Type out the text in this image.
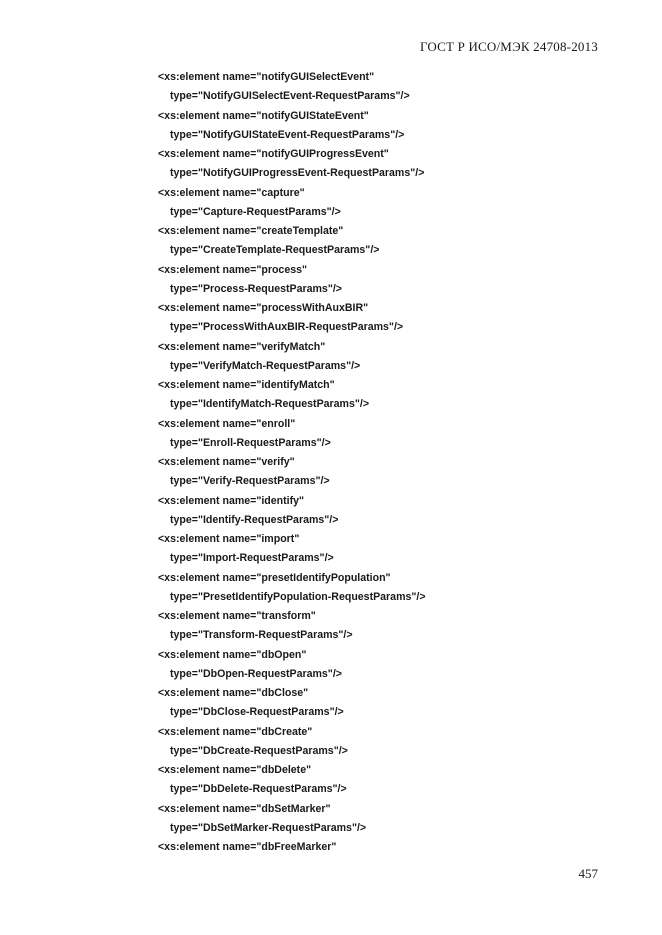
ГОСТ Р ИСО/МЭК 24708-2013
<xs:element name="notifyGUISelectEvent"
type="NotifyGUISelectEvent-RequestParams"/>
<xs:element name="notifyGUIStateEvent"
type="NotifyGUIStateEvent-RequestParams"/>
<xs:element name="notifyGUIProgressEvent"
type="NotifyGUIProgressEvent-RequestParams"/>
<xs:element name="capture"
type="Capture-RequestParams"/>
<xs:element name="createTemplate"
type="CreateTemplate-RequestParams"/>
<xs:element name="process"
type="Process-RequestParams"/>
<xs:element name="processWithAuxBIR"
type="ProcessWithAuxBIR-RequestParams"/>
<xs:element name="verifyMatch"
type="VerifyMatch-RequestParams"/>
<xs:element name="identifyMatch"
type="IdentifyMatch-RequestParams"/>
<xs:element name="enroll"
type="Enroll-RequestParams"/>
<xs:element name="verify"
type="Verify-RequestParams"/>
<xs:element name="identify"
type="Identify-RequestParams"/>
<xs:element name="import"
type="Import-RequestParams"/>
<xs:element name="presetIdentifyPopulation"
type="PresetIdentifyPopulation-RequestParams"/>
<xs:element name="transform"
type="Transform-RequestParams"/>
<xs:element name="dbOpen"
type="DbOpen-RequestParams"/>
<xs:element name="dbClose"
type="DbClose-RequestParams"/>
<xs:element name="dbCreate"
type="DbCreate-RequestParams"/>
<xs:element name="dbDelete"
type="DbDelete-RequestParams"/>
<xs:element name="dbSetMarker"
type="DbSetMarker-RequestParams"/>
<xs:element name="dbFreeMarker"
457
